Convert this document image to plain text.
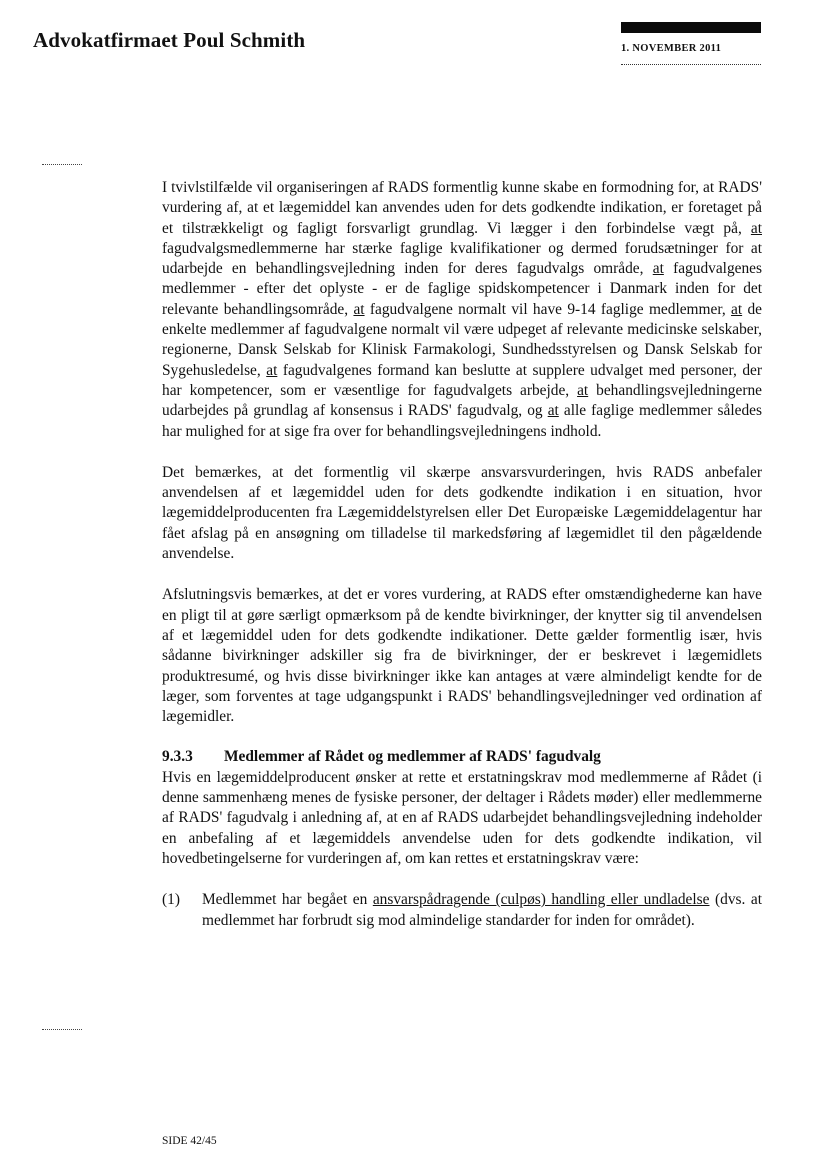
Advokatfirmaet Poul Schmith	1. NOVEMBER 2011

I tvivlstilfælde vil organiseringen af RADS formentlig kunne skabe en formodning for, at RADS' vurdering af, at et lægemiddel kan anvendes uden for dets godkendte indikation, er foretaget på et tilstrækkeligt og fagligt forsvarligt grundlag. Vi lægger i den forbindelse vægt på, at fagudvalgsmedlemmerne har stærke faglige kvalifikationer og dermed forudsætninger for at udarbejde en behandlingsvejledning inden for deres fagudvalgs område, at fagudvalgenes medlemmer - efter det oplyste - er de faglige spidskompetencer i Danmark inden for det relevante behandlingsområde, at fagudvalgene normalt vil have 9-14 faglige medlemmer, at de enkelte medlemmer af fagudvalgene normalt vil være udpeget af relevante medicinske selskaber, regionerne, Dansk Selskab for Klinisk Farmakologi, Sundhedsstyrelsen og Dansk Selskab for Sygehusledelse, at fagudvalgenes formand kan beslutte at supplere udvalget med personer, der har kompetencer, som er væsentlige for fagudvalgets arbejde, at behandlingsvejledningerne udarbejdes på grundlag af konsensus i RADS' fagudvalg, og at alle faglige medlemmer således har mulighed for at sige fra over for behandlingsvejledningens indhold.

Det bemærkes, at det formentlig vil skærpe ansvarsvurderingen, hvis RADS anbefaler anvendelsen af et lægemiddel uden for dets godkendte indikation i en situation, hvor lægemiddelproducenten fra Lægemiddelstyrelsen eller Det Europæiske Lægemiddelagentur har fået afslag på en ansøgning om tilladelse til markedsføring af lægemidlet til den pågældende anvendelse.

Afslutningsvis bemærkes, at det er vores vurdering, at RADS efter omstændighederne kan have en pligt til at gøre særligt opmærksom på de kendte bivirkninger, der knytter sig til anvendelsen af et lægemiddel uden for dets godkendte indikationer. Dette gælder formentlig især, hvis sådanne bivirkninger adskiller sig fra de bivirkninger, der er beskrevet i lægemidlets produktresumé, og hvis disse bivirkninger ikke kan antages at være almindeligt kendte for de læger, som forventes at tage udgangspunkt i RADS' behandlingsvejledninger ved ordination af lægemidler.

9.3.3	Medlemmer af Rådet og medlemmer af RADS' fagudvalg

Hvis en lægemiddelproducent ønsker at rette et erstatningskrav mod medlemmerne af Rådet (i denne sammenhæng menes de fysiske personer, der deltager i Rådets møder) eller medlemmerne af RADS' fagudvalg i anledning af, at en af RADS udarbejdet behandlingsvejledning indeholder en anbefaling af et lægemiddels anvendelse uden for dets godkendte indikation, vil hovedbetingelserne for vurderingen af, om kan rettes et erstatningskrav være:

(1)	Medlemmet har begået en ansvarspådragende (culpøs) handling eller undladelse (dvs. at medlemmet har forbrudt sig mod almindelige standarder for inden for området).
SIDE 42/45
